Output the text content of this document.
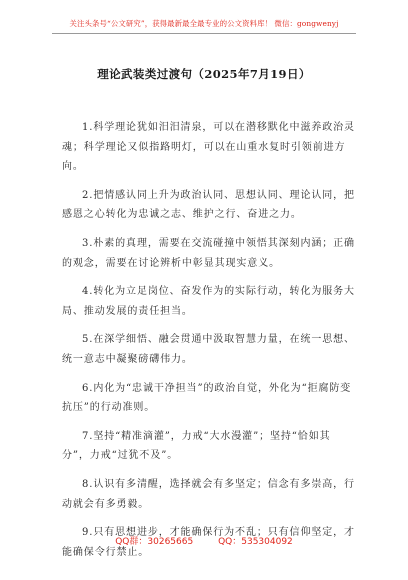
关注头条号“公文研究”，获得最新最全最专业的公文资料库！ 微信：gongwenyj
理论武装类过渡句（2025年7月19日）

1.科学理论犹如汨汨清泉，可以在潜移默化中滋养政治灵魂；科学理论又似指路明灯，可以在山重水复时引领前进方向。

2.把情感认同上升为政治认同、思想认同、理论认同，把感恩之心转化为忠诚之志、维护之行、奋进之力。

3.朴素的真理，需要在交流碰撞中领悟其深刻内涵；正确的观念，需要在讨论辨析中彰显其现实意义。

4.转化为立足岗位、奋发作为的实际行动，转化为服务大局、推动发展的责任担当。

5.在深学细悟、融会贯通中汲取智慧力量，在统一思想、统一意志中凝聚磅礴伟力。

6.内化为“忠诚干净担当”的政治自觉，外化为“拒腐防变抗压”的行动准则。

7.坚持“精准滴灌”，力戒“大水漫灌”；坚持“恰如其分”，力戒“过犹不及”。

8.认识有多清醒，选择就会有多坚定；信念有多崇高，行动就会有多勇毅。

9.只有思想进步，才能确保行为不乱；只有信仰坚定，才能确保令行禁止。

QQ群：30265665	QQ：535304092
